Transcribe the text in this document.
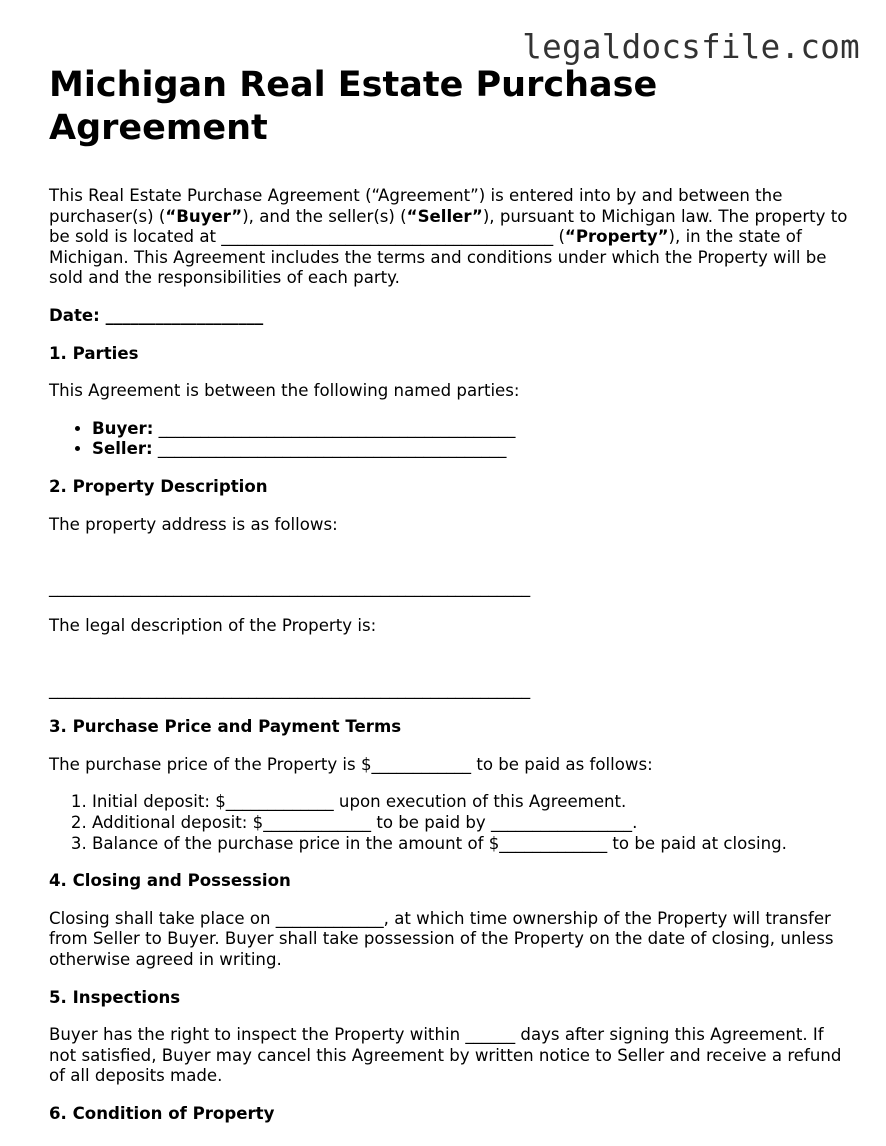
legaldocsfile.com
Michigan Real Estate Purchase Agreement

This Real Estate Purchase Agreement (“Agreement”) is entered into by and between the purchaser(s) (“Buyer”), and the seller(s) (“Seller”), pursuant to Michigan law. The property to be sold is located at ________________________________________ (“Property”), in the state of Michigan. This Agreement includes the terms and conditions under which the Property will be sold and the responsibilities of each party.

Date: ___________________

1. Parties

This Agreement is between the following named parties:

• Buyer: ___________________________________________
• Seller: __________________________________________
2. Property Description

The property address is as follows:

__________________________________________________________

The legal description of the Property is:

__________________________________________________________

3. Purchase Price and Payment Terms

The purchase price of the Property is $____________ to be paid as follows:

1. Initial deposit: $_____________ upon execution of this Agreement.
2. Additional deposit: $_____________ to be paid by _________________.
3. Balance of the purchase price in the amount of $_____________ to be paid at closing.
4. Closing and Possession

Closing shall take place on _____________, at which time ownership of the Property will transfer from Seller to Buyer. Buyer shall take possession of the Property on the date of closing, unless otherwise agreed in writing.

5. Inspections

Buyer has the right to inspect the Property within ______ days after signing this Agreement. If not satisfied, Buyer may cancel this Agreement by written notice to Seller and receive a refund of all deposits made.

6. Condition of Property
